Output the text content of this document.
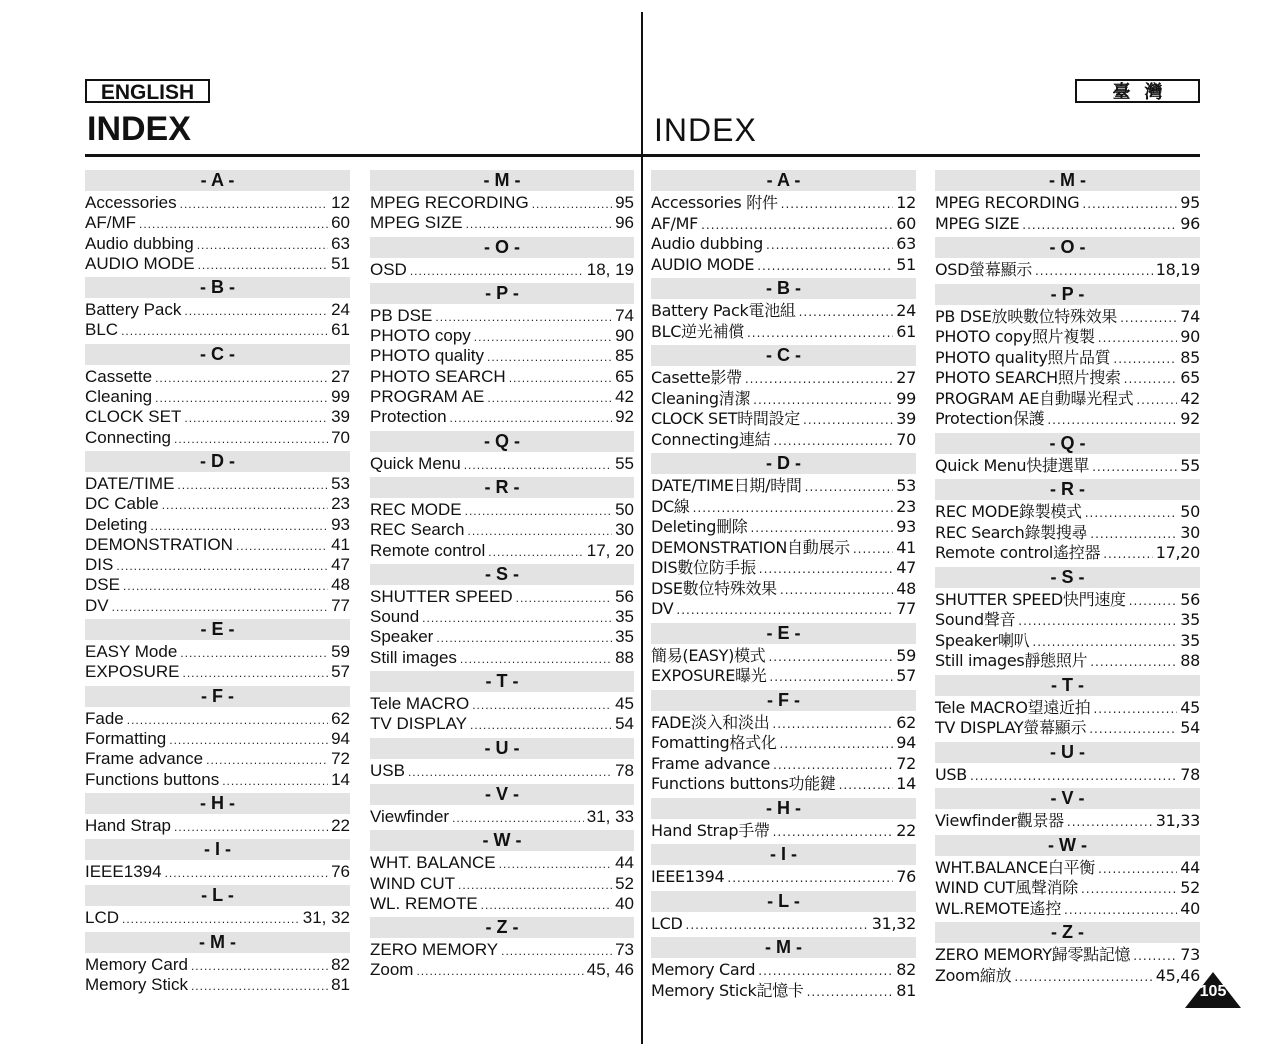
ENGLISH	臺灣
INDEX	INDEX
- A -
Accessories .....	12
AF/MF .....	60
Audio dubbing .....	63
AUDIO MODE .....	51
- B -
Battery Pack .....	24
BLC .....	61
- C -
Cassette .....	27
Cleaning .....	99
CLOCK SET .....	39
Connecting .....	70
- D -
DATE/TIME .....	53
DC Cable .....	23
Deleting .....	93
DEMONSTRATION .....	41
DIS .....	47
DSE .....	48
DV .....	77
- E -
EASY Mode .....	59
EXPOSURE .....	57
- F -
Fade .....	62
Formatting .....	94
Frame advance .....	72
Functions buttons .....	14
- H -
Hand Strap .....	22
- I -
IEEE1394 .....	76
- L -
LCD .....	31, 32
- M -
Memory Card .....	82
Memory Stick .....	81
- M -
MPEG RECORDING .....	95
MPEG SIZE .....	96
- O -
OSD .....	18, 19
- P -
PB DSE .....	74
PHOTO copy .....	90
PHOTO quality .....	85
PHOTO SEARCH .....	65
PROGRAM AE .....	42
Protection .....	92
- Q -
Quick Menu .....	55
- R -
REC MODE .....	50
REC Search .....	30
Remote control .....	17, 20
- S -
SHUTTER SPEED .....	56
Sound .....	35
Speaker .....	35
Still images .....	88
- T -
Tele MACRO .....	45
TV DISPLAY .....	54
- U -
USB .....	78
- V -
Viewfinder .....	31, 33
- W -
WHT. BALANCE .....	44
WIND CUT .....	52
WL. REMOTE .....	40
- Z -
ZERO MEMORY .....	73
Zoom .....	45, 46
- A -
Accessories 附件 .....	12
AF/MF .....	60
Audio dubbing .....	63
AUDIO MODE .....	51
- B -
Battery Pack電池組 .....	24
BLC逆光補償 .....	61
- C -
Casette影帶 .....	27
Cleaning清潔 .....	99
CLOCK SET時間設定 .....	39
Connecting連結 .....	70
- D -
DATE/TIME日期/時間 .....	53
DC線 .....	23
Deleting刪除 .....	93
DEMONSTRATION自動展示 .....	41
DIS數位防手振 .....	47
DSE數位特殊效果 .....	48
DV .....	77
- E -
簡易(EASY)模式 .....	59
EXPOSURE曝光 .....	57
- F -
FADE淡入和淡出 .....	62
Fomatting格式化 .....	94
Frame advance .....	72
Functions buttons功能鍵 .....	14
- H -
Hand Strap手帶 .....	22
- I -
IEEE1394 .....	76
- L -
LCD .....	31,32
- M -
Memory Card .....	82
Memory Stick記憶卡 .....	81
- M -
MPEG RECORDING .....	95
MPEG SIZE .....	96
- O -
OSD螢幕顯示 .....	18,19
- P -
PB DSE放映數位特殊效果 .....	74
PHOTO copy照片複製 .....	90
PHOTO quality照片品質 .....	85
PHOTO SEARCH照片搜索 .....	65
PROGRAM AE自動曝光程式 .....	42
Protection保護 .....	92
- Q -
Quick Menu快捷選單 .....	55
- R -
REC MODE錄製模式 .....	50
REC Search錄製搜尋 .....	30
Remote control遙控器 .....	17,20
- S -
SHUTTER SPEED快門速度 .....	56
Sound聲音 .....	35
Speaker喇叭 .....	35
Still images靜態照片 .....	88
- T -
Tele MACRO望遠近拍 .....	45
TV DISPLAY螢幕顯示 .....	54
- U -
USB .....	78
- V -
Viewfinder觀景器 .....	31,33
- W -
WHT.BALANCE白平衡 .....	44
WIND CUT風聲消除 .....	52
WL.REMOTE遙控 .....	40
- Z -
ZERO MEMORY歸零點記憶 .....	73
Zoom縮放 .....	45,46
105
